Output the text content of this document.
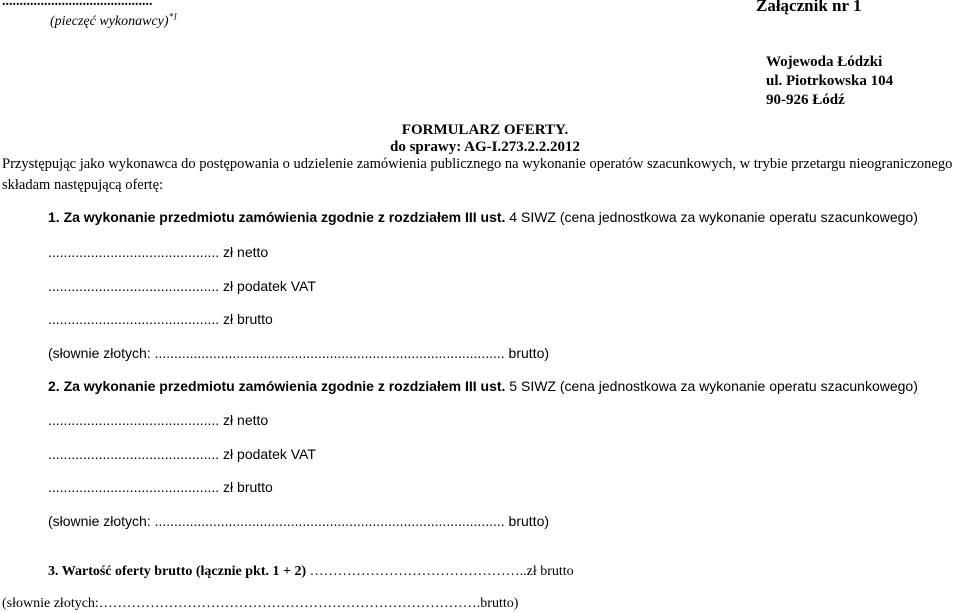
...........................................
(pieczęć wykonawcy)$^{*1}$
Załącznik nr 1
Wojewoda Łódzki
ul. Piotrkowska 104
90-926 Łódź
FORMULARZ OFERTY.
do sprawy: AG-I.273.2.2.2012
Przystępując jako wykonawca do postępowania o udzielenie zamówienia publicznego na wykonanie operatów szacunkowych, w trybie przetargu nieograniczonego
składam następującą ofertę:
1. Za wykonanie przedmiotu zamówienia zgodnie z rozdziałem III ust. 4 SIWZ (cena jednostkowa za wykonanie operatu szacunkowego)
............................................ zł netto
............................................ zł podatek VAT
............................................ zł brutto
(słownie złotych: .......................................................................................... brutto)
2. Za wykonanie przedmiotu zamówienia zgodnie z rozdziałem III ust. 5 SIWZ (cena jednostkowa za wykonanie operatu szacunkowego)
............................................ zł netto
............................................ zł podatek VAT
............................................ zł brutto
(słownie złotych: .......................................................................................... brutto)
3. Wartość oferty brutto (łącznie pkt. 1 + 2) ………………………………………..zł brutto
(słownie złotych:……………………………………………………………………….brutto)
